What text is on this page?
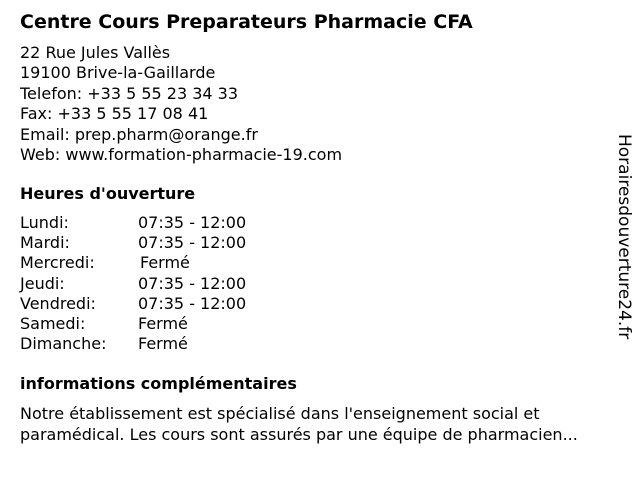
Centre Cours Preparateurs Pharmacie CFA
22 Rue Jules Vallès
19100 Brive-la-Gaillarde
Telefon: +33 5 55 23 34 33
Fax: +33 5 55 17 08 41
Email: prep.pharm@orange.fr
Web: www.formation-pharmacie-19.com
Heures d'ouverture
Lundi:	07:35 - 12:00
Mardi:	07:35 - 12:00
Mercredi:	Fermé
Jeudi:	07:35 - 12:00
Vendredi:	07:35 - 12:00
Samedi:	Fermé
Dimanche: Fermé
informations complémentaires
Notre établissement est spécialisé dans l'enseignement social et
paramédical. Les cours sont assurés par une équipe de pharmacien...
Horairesdouverture24.fr
